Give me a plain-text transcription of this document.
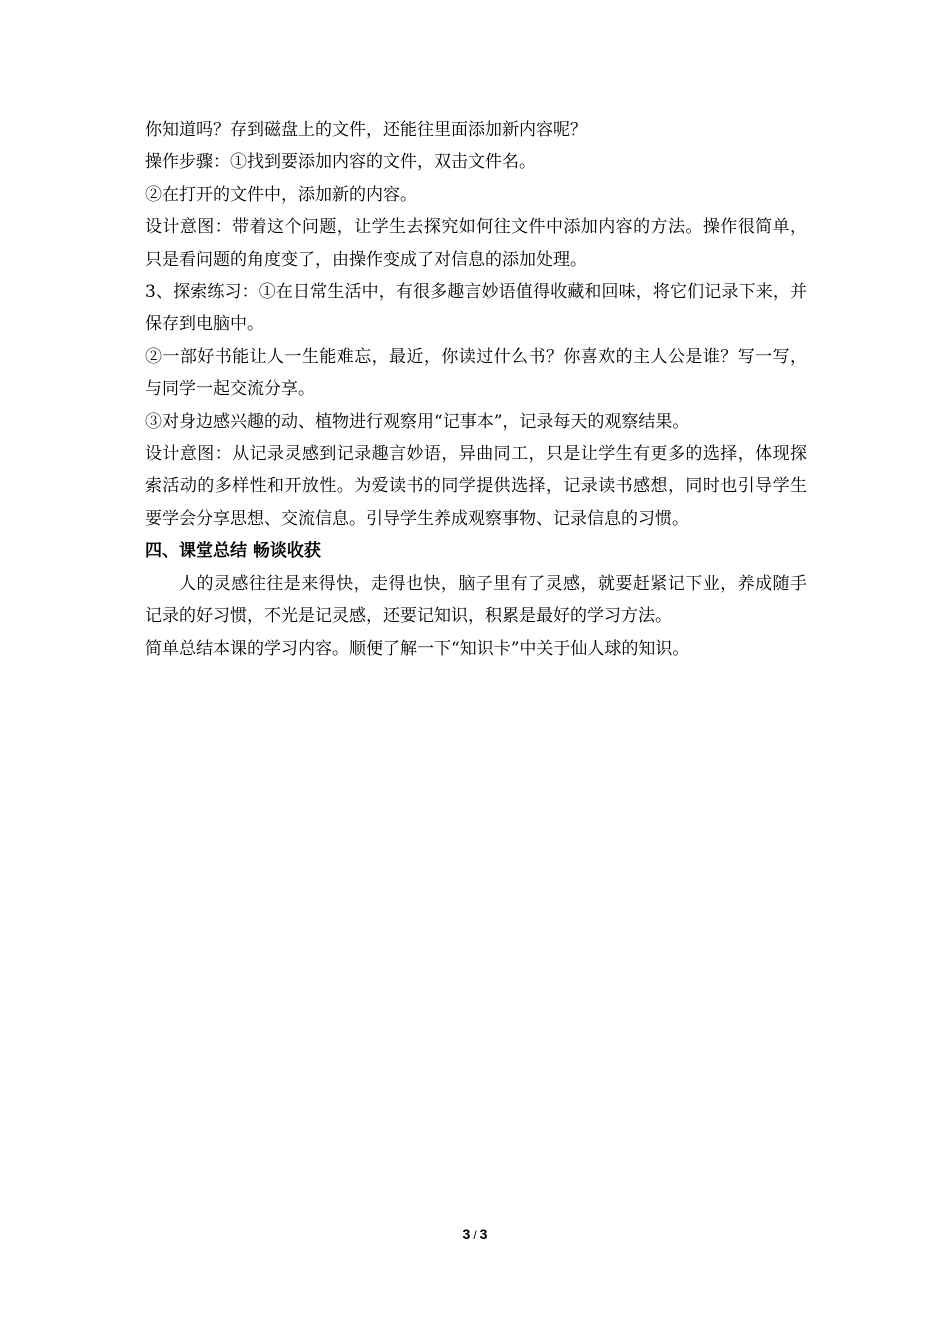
你知道吗？存到磁盘上的文件，还能往里面添加新内容呢？

操作步骤：①找到要添加内容的文件，双击文件名。

②在打开的文件中，添加新的内容。

设计意图：带着这个问题，让学生去探究如何往文件中添加内容的方法。操作很简单，只是看问题的角度变了，由操作变成了对信息的添加处理。

3、探索练习：①在日常生活中，有很多趣言妙语值得收藏和回味，将它们记录下来，并保存到电脑中。

②一部好书能让人一生能难忘，最近，你读过什么书？你喜欢的主人公是谁？写一写，与同学一起交流分享。

③对身边感兴趣的动、植物进行观察用“记事本”，记录每天的观察结果。

设计意图：从记录灵感到记录趣言妙语，异曲同工，只是让学生有更多的选择，体现探索活动的多样性和开放性。为爱读书的同学提供选择，记录读书感想，同时也引导学生要学会分享思想、交流信息。引导学生养成观察事物、记录信息的习惯。

四、课堂总结 畅谈收获

人的灵感往往是来得快，走得也快，脑子里有了灵感，就要赶紧记下业，养成随手记录的好习惯，不光是记灵感，还要记知识，积累是最好的学习方法。

简单总结本课的学习内容。顺便了解一下“知识卡”中关于仙人球的知识。

3 / 3
